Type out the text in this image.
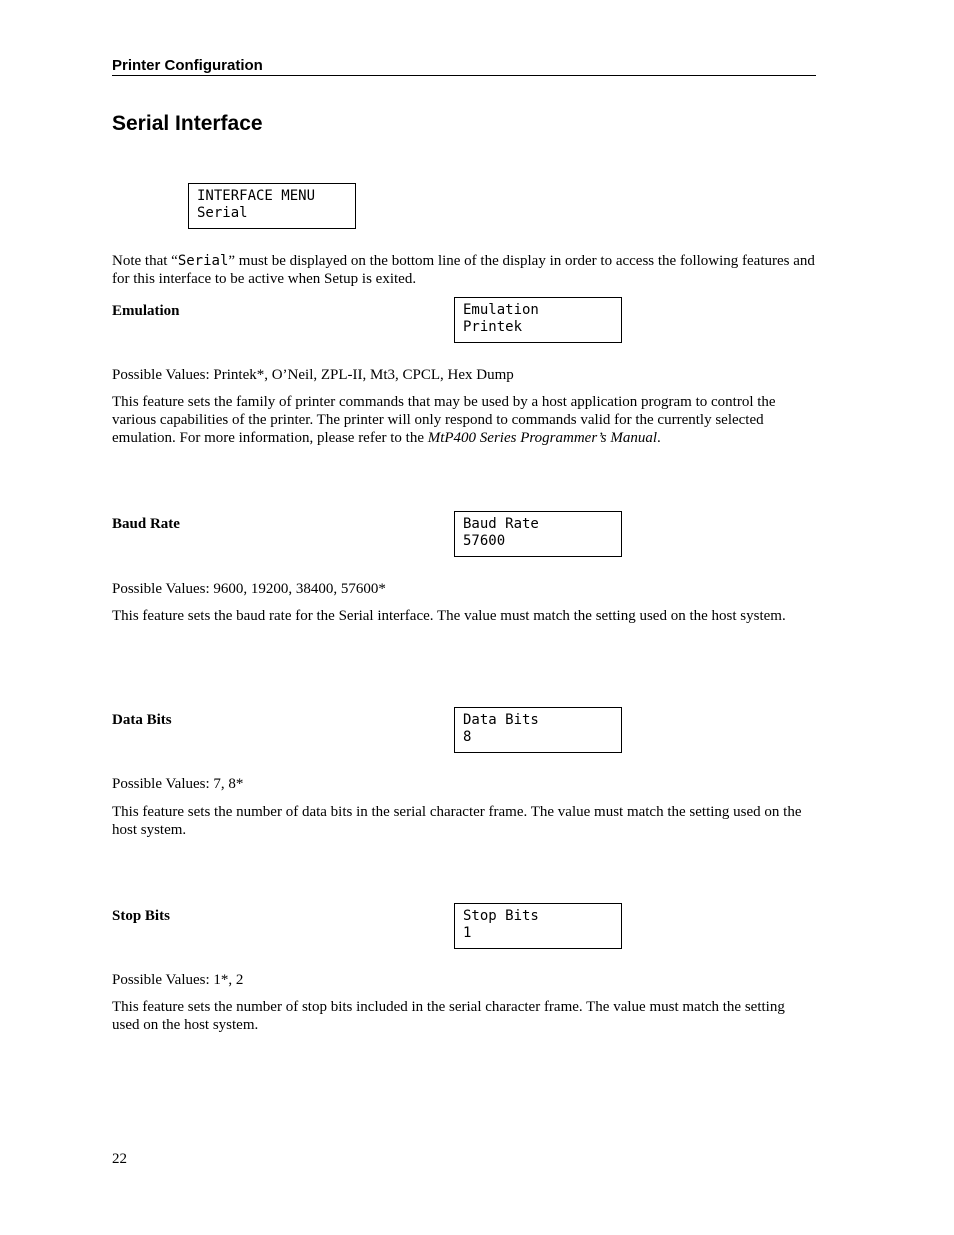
Printer Configuration
Serial Interface
INTERFACE MENU
Serial
Note that “Serial” must be displayed on the bottom line of the display in order to access the following features and for this interface to be active when Setup is exited.
Emulation	Emulation
Printek
Possible Values: Printek*, O’Neil, ZPL-II, Mt3, CPCL, Hex Dump
This feature sets the family of printer commands that may be used by a host application program to control the various capabilities of the printer. The printer will only respond to commands valid for the currently selected emulation. For more information, please refer to the MtP400 Series Programmer’s Manual.
Baud Rate	Baud Rate
57600
Possible Values: 9600, 19200, 38400, 57600*
This feature sets the baud rate for the Serial interface. The value must match the setting used on the host system.
Data Bits	Data Bits
8
Possible Values: 7, 8*
This feature sets the number of data bits in the serial character frame. The value must match the setting used on the host system.
Stop Bits	Stop Bits
1
Possible Values: 1*, 2
This feature sets the number of stop bits included in the serial character frame. The value must match the setting used on the host system.
22
